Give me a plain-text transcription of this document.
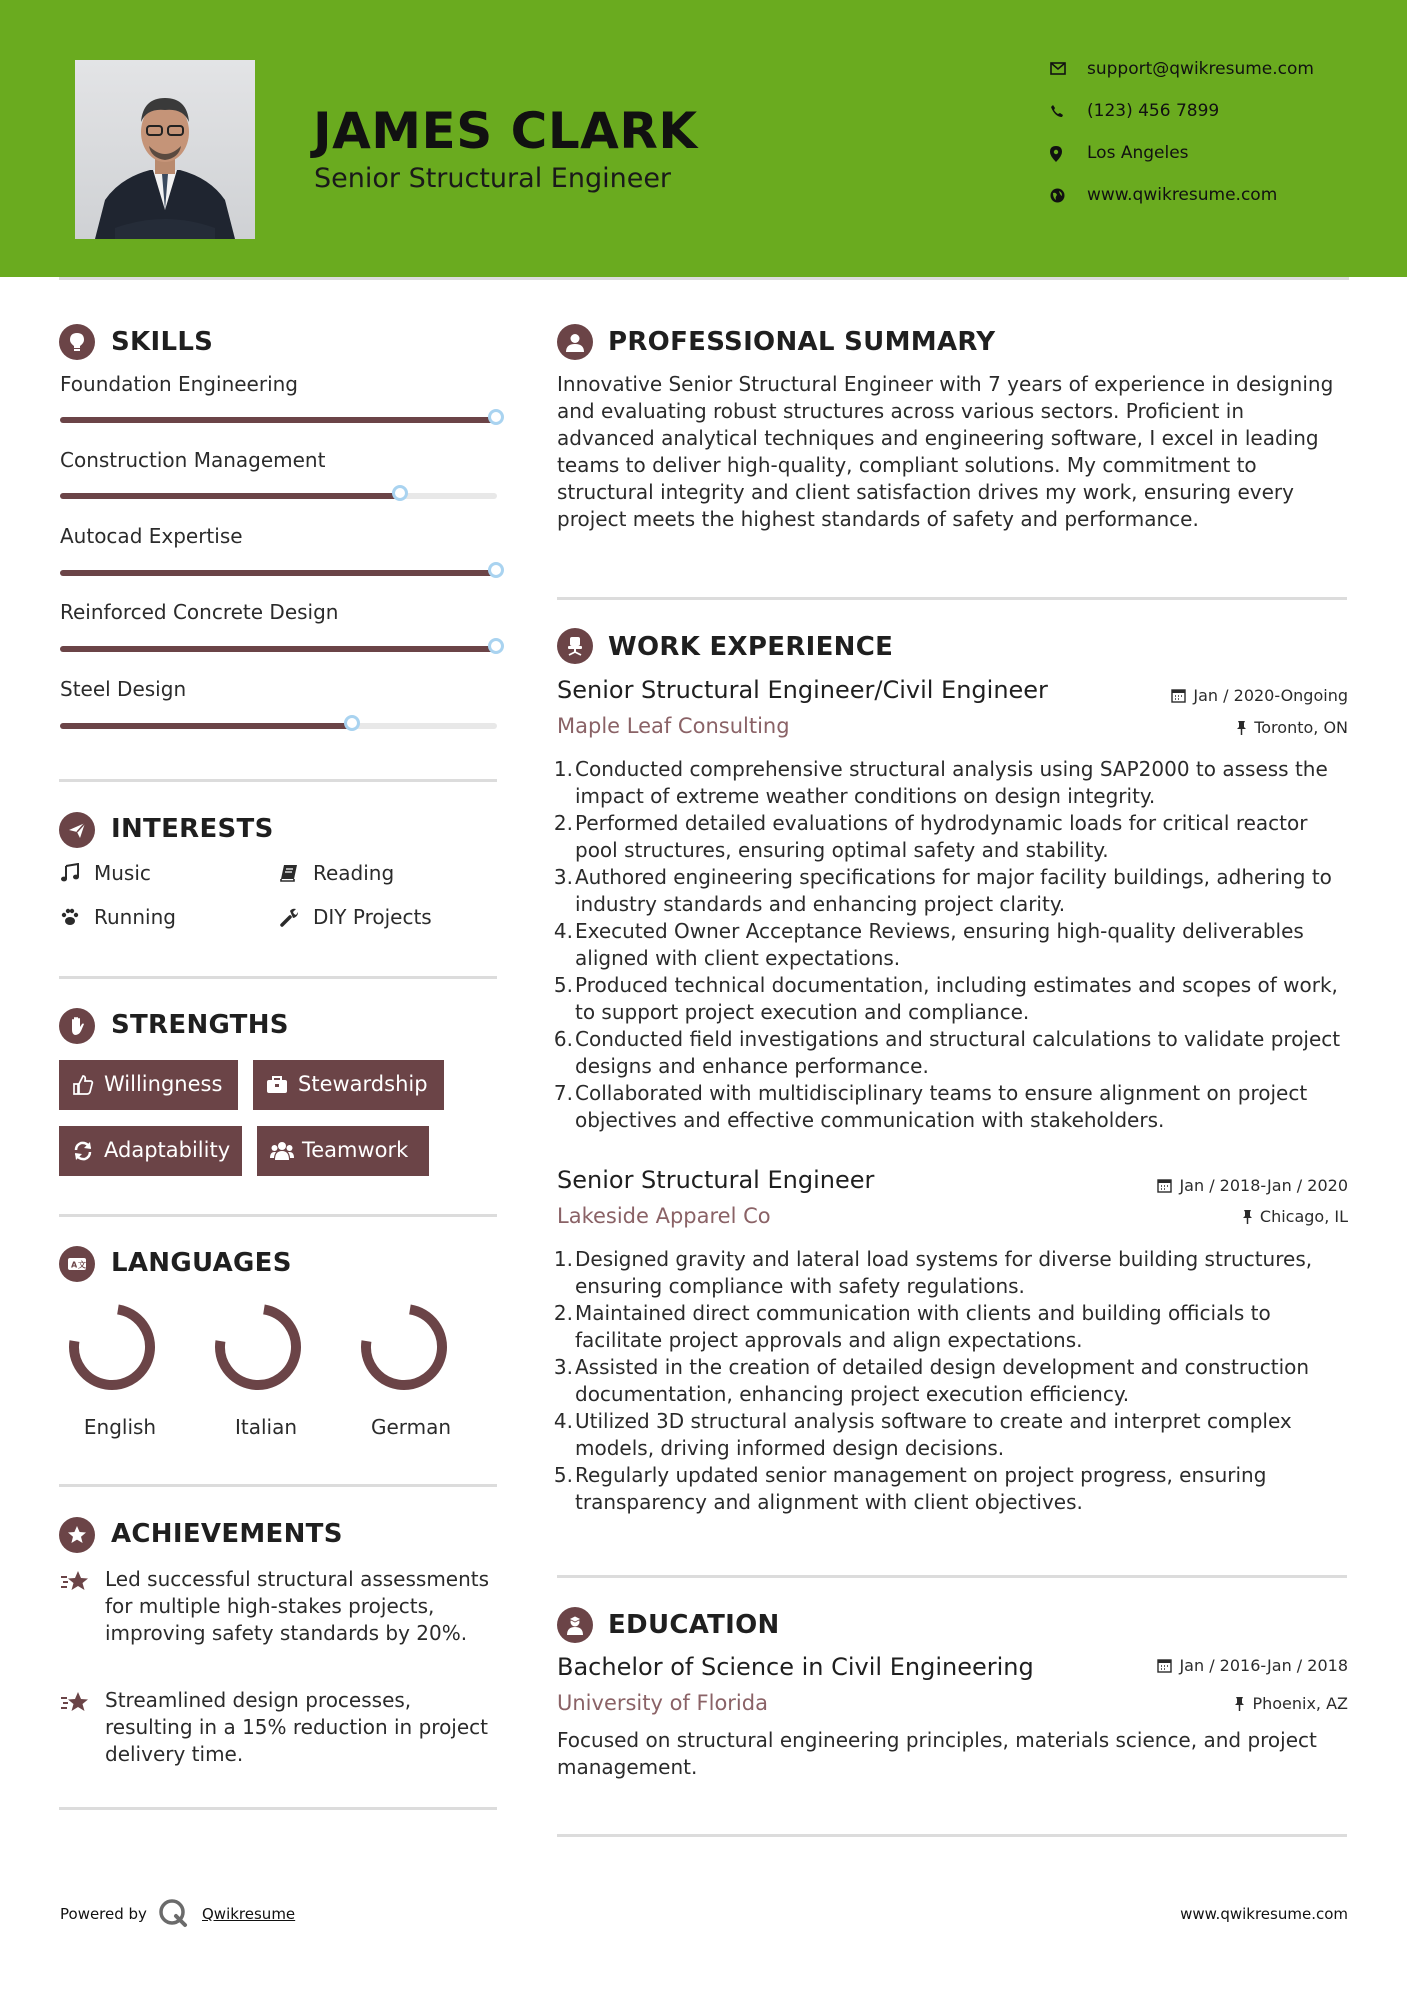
JAMES CLARK
Senior Structural Engineer
support@qwikresume.com
(123) 456 7899
Los Angeles
www.qwikresume.com
SKILLS
Foundation Engineering
Construction Management
Autocad Expertise
Reinforced Concrete Design
Steel Design
INTERESTS
Music	Reading
Running	DIY Projects
STRENGTHS
Willingness	Stewardship
Adaptability	Teamwork
A 文 LANGUAGES
English	Italian	German
ACHIEVEMENTS
Led successful structural assessments for multiple high-stakes projects, improving safety standards by 20%.
Streamlined design processes, resulting in a 15% reduction in project delivery time.
PROFESSIONAL SUMMARY
Innovative Senior Structural Engineer with 7 years of experience in designing and evaluating robust structures across various sectors. Proficient in advanced analytical techniques and engineering software, I excel in leading teams to deliver high-quality, compliant solutions. My commitment to structural integrity and client satisfaction drives my work, ensuring every project meets the highest standards of safety and performance.
WORK EXPERIENCE
Senior Structural Engineer/Civil Engineer	Jan / 2020-Ongoing
Maple Leaf Consulting	Toronto, ON
1. Conducted comprehensive structural analysis using SAP2000 to assess the impact of extreme weather conditions on design integrity.
2. Performed detailed evaluations of hydrodynamic loads for critical reactor pool structures, ensuring optimal safety and stability.
3. Authored engineering specifications for major facility buildings, adhering to industry standards and enhancing project clarity.
4. Executed Owner Acceptance Reviews, ensuring high-quality deliverables aligned with client expectations.
5. Produced technical documentation, including estimates and scopes of work, to support project execution and compliance.
6. Conducted field investigations and structural calculations to validate project designs and enhance performance.
7. Collaborated with multidisciplinary teams to ensure alignment on project objectives and effective communication with stakeholders.
Senior Structural Engineer	Jan / 2018-Jan / 2020
Lakeside Apparel Co	Chicago, IL
1. Designed gravity and lateral load systems for diverse building structures, ensuring compliance with safety regulations.
2. Maintained direct communication with clients and building officials to facilitate project approvals and align expectations.
3. Assisted in the creation of detailed design development and construction documentation, enhancing project execution efficiency.
4. Utilized 3D structural analysis software to create and interpret complex models, driving informed design decisions.
5. Regularly updated senior management on project progress, ensuring transparency and alignment with client objectives.
EDUCATION
Bachelor of Science in Civil Engineering	Jan / 2016-Jan / 2018
University of Florida	Phoenix, AZ
Focused on structural engineering principles, materials science, and project management.
Powered by	Qwikresume	www.qwikresume.com
